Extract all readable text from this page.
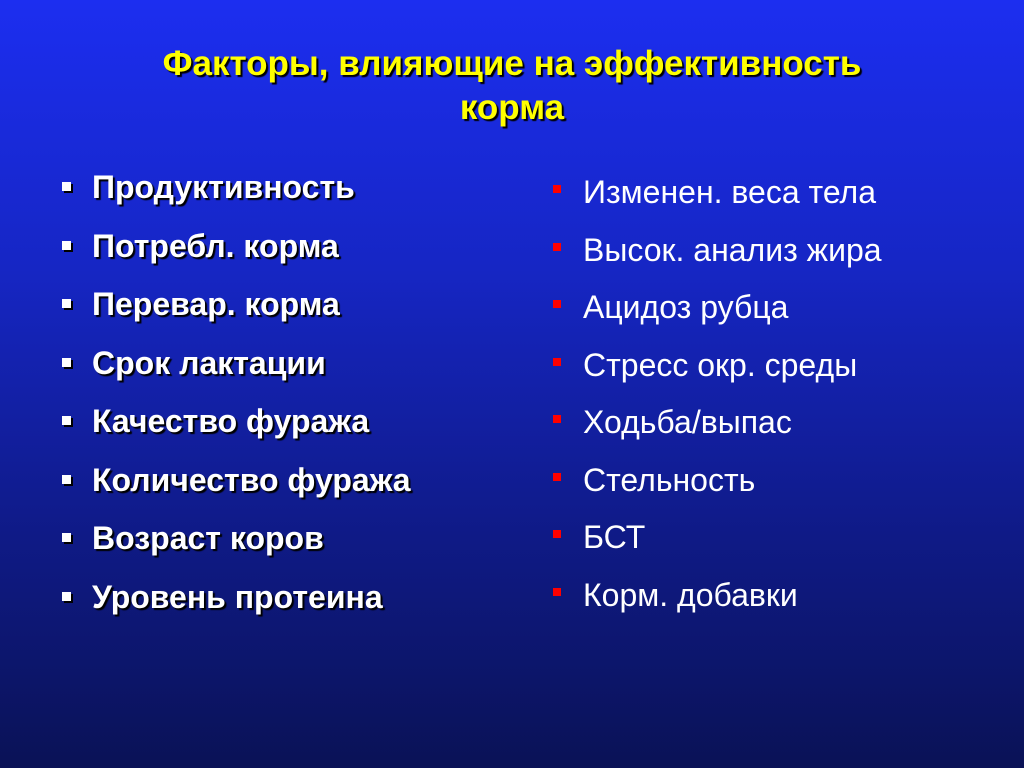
Факторы, влияющие на эффективность
корма
Продуктивность
Потребл. корма
Перевар. корма
Срок лактации
Качество фуража
Количество фуража
Возраст коров
Уровень протеина
Изменен. веса тела
Высок. анализ жира
Ацидоз рубца
Стресс окр. среды
Ходьба/выпас
Стельность
БСТ
Корм. добавки
